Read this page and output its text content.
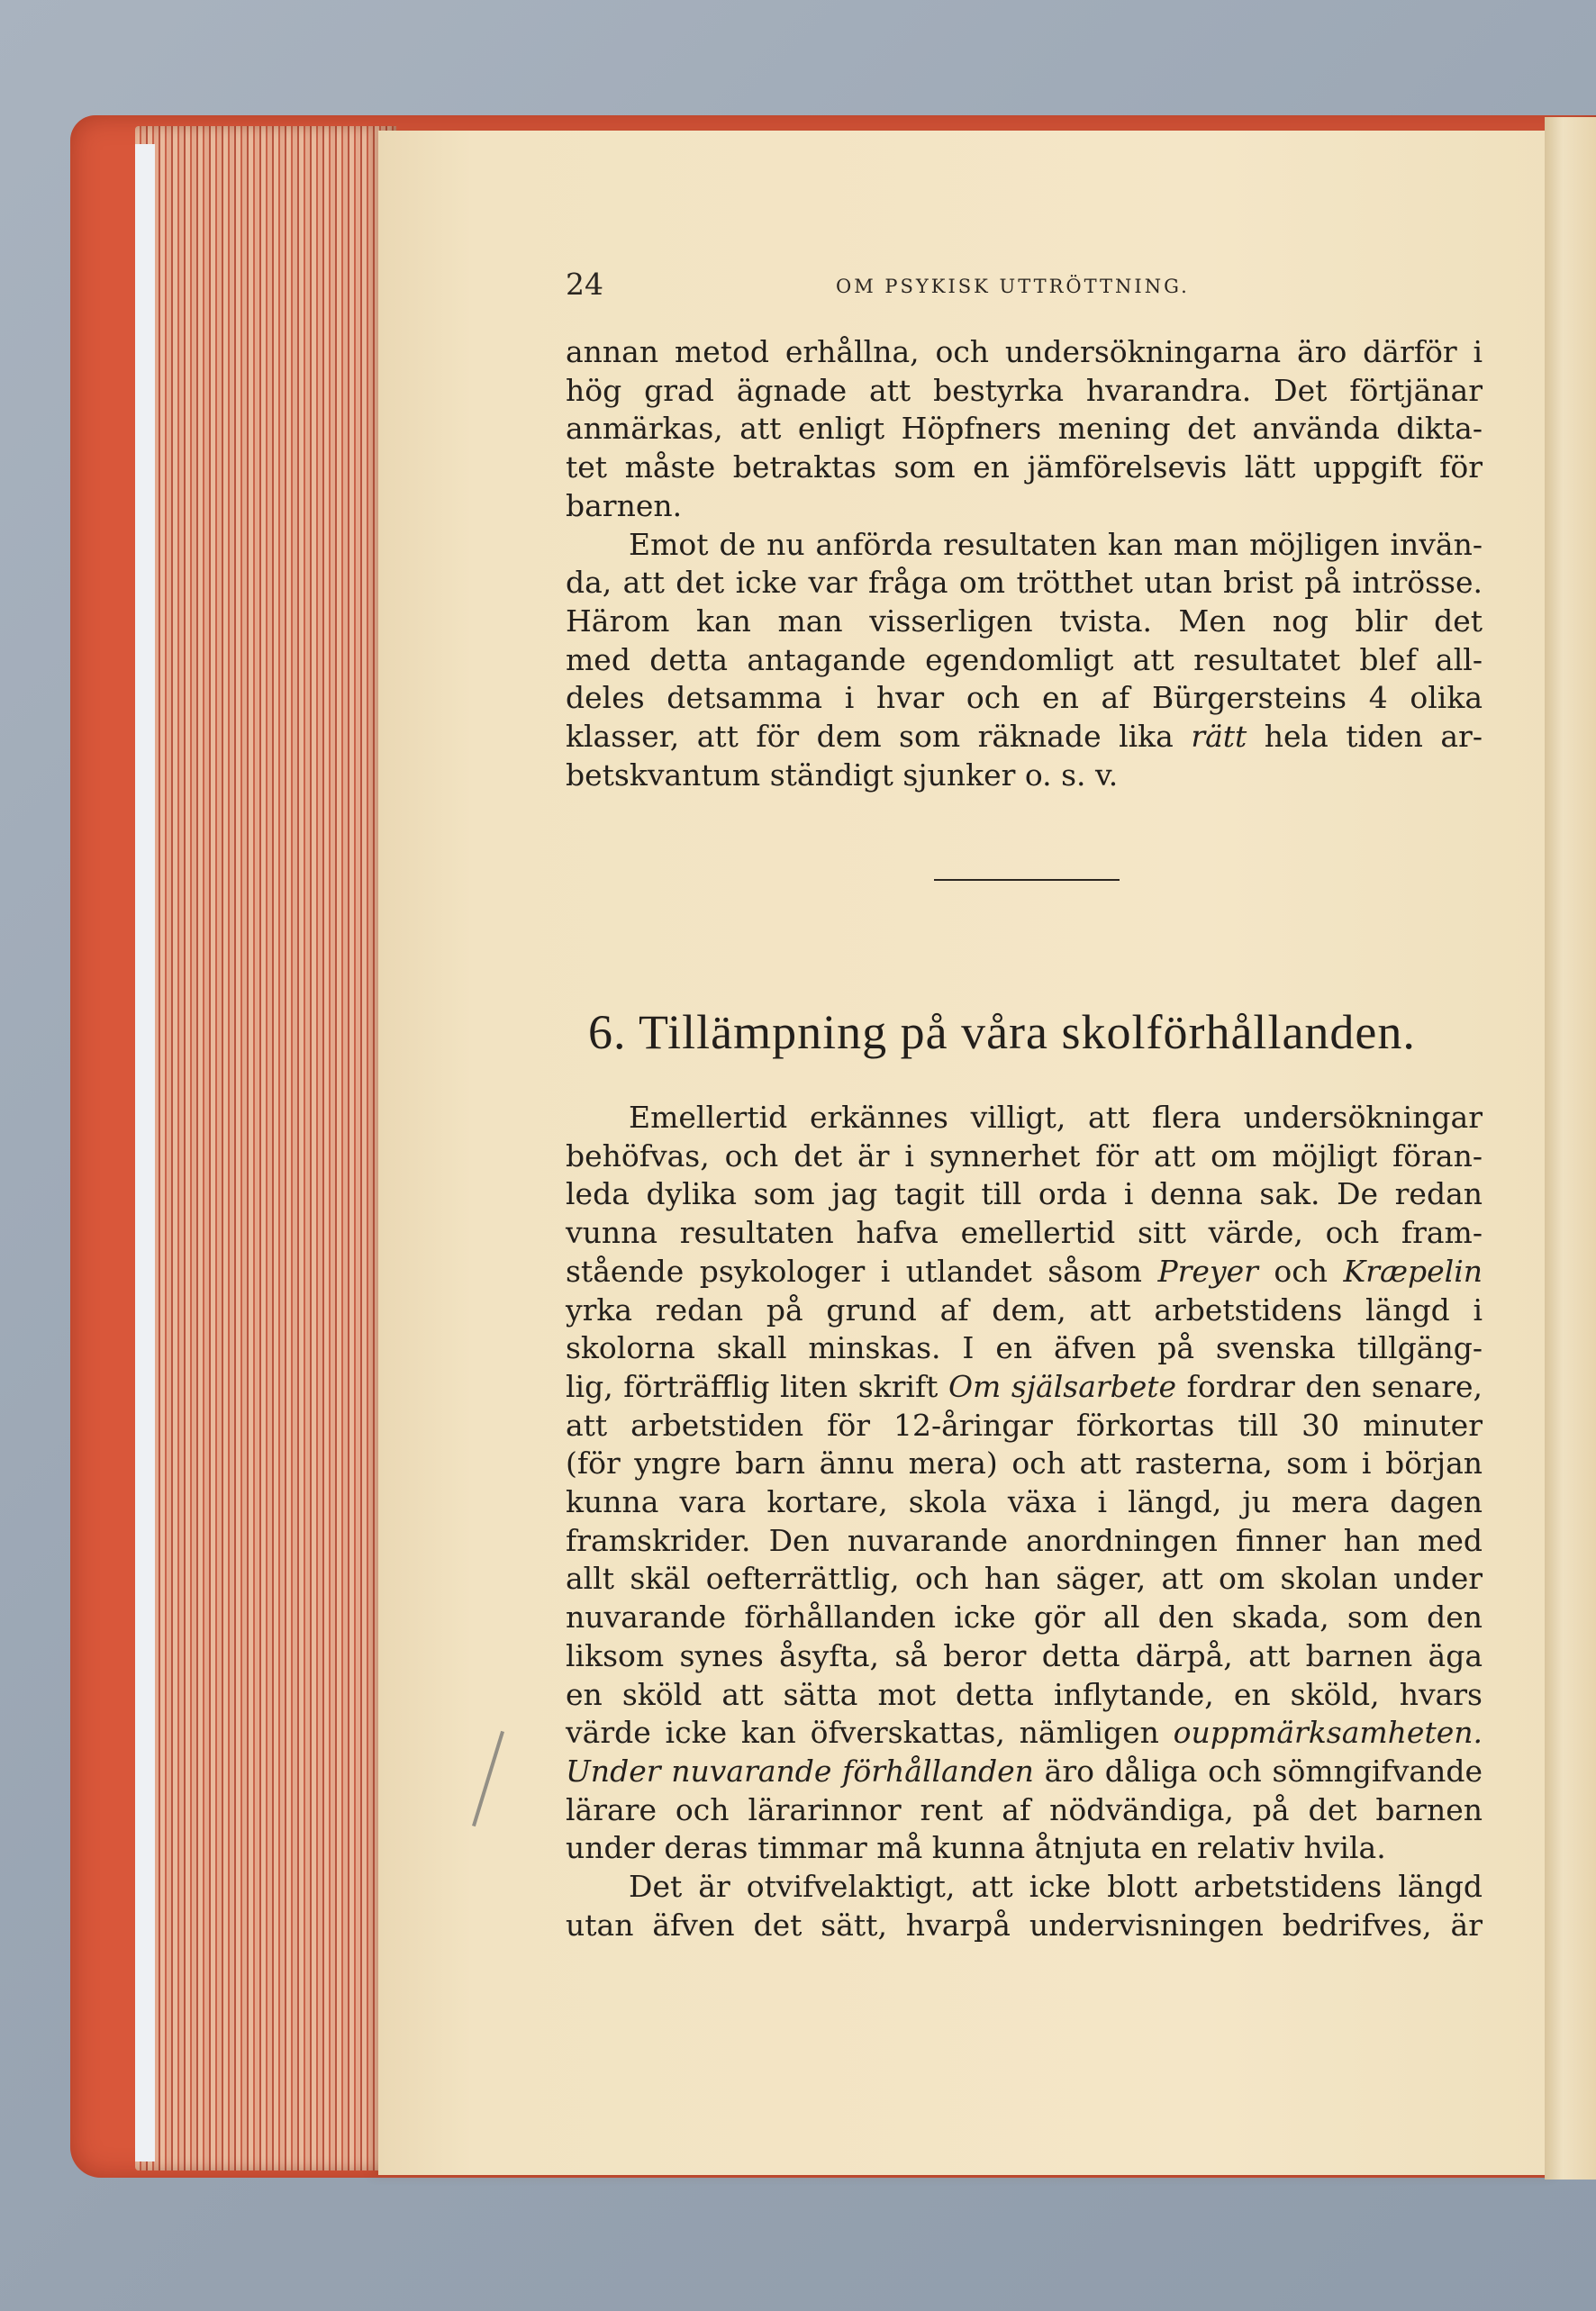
24	OM PSYKISK UTTRÖTTNING.
annan metod erhållna, och undersökningarna äro därför i
hög grad ägnade att bestyrka hvarandra. Det förtjänar
anmärkas, att enligt Höpfners mening det använda dikta-
tet måste betraktas som en jämförelsevis lätt uppgift för
barnen.
Emot de nu anförda resultaten kan man möjligen invän-
da, att det icke var fråga om trötthet utan brist på intrösse.
Härom kan man visserligen tvista. Men nog blir det
med detta antagande egendomligt att resultatet blef all-
deles detsamma i hvar och en af Bürgersteins 4 olika
klasser, att för dem som räknade lika rätt hela tiden ar-
betskvantum ständigt sjunker o. s. v.
6. Tillämpning på våra skolförhållanden.
Emellertid erkännes villigt, att flera undersökningar
behöfvas, och det är i synnerhet för att om möjligt föran-
leda dylika som jag tagit till orda i denna sak. De redan
vunna resultaten hafva emellertid sitt värde, och fram-
stående psykologer i utlandet såsom Preyer och Kræpelin
yrka redan på grund af dem, att arbetstidens längd i
skolorna skall minskas. I en äfven på svenska tillgäng-
lig, förträfflig liten skrift Om själsarbete fordrar den senare,
att arbetstiden för 12-åringar förkortas till 30 minuter
(för yngre barn ännu mera) och att rasterna, som i början
kunna vara kortare, skola växa i längd, ju mera dagen
framskrider. Den nuvarande anordningen finner han med
allt skäl oefterrättlig, och han säger, att om skolan under
nuvarande förhållanden icke gör all den skada, som den
liksom synes åsyfta, så beror detta därpå, att barnen äga
en sköld att sätta mot detta inflytande, en sköld, hvars
värde icke kan öfverskattas, nämligen ouppmärksamheten.
Under nuvarande förhållanden äro dåliga och sömngifvande
lärare och lärarinnor rent af nödvändiga, på det barnen
under deras timmar må kunna åtnjuta en relativ hvila.
Det är otvifvelaktigt, att icke blott arbetstidens längd
utan äfven det sätt, hvarpå undervisningen bedrifves, är
